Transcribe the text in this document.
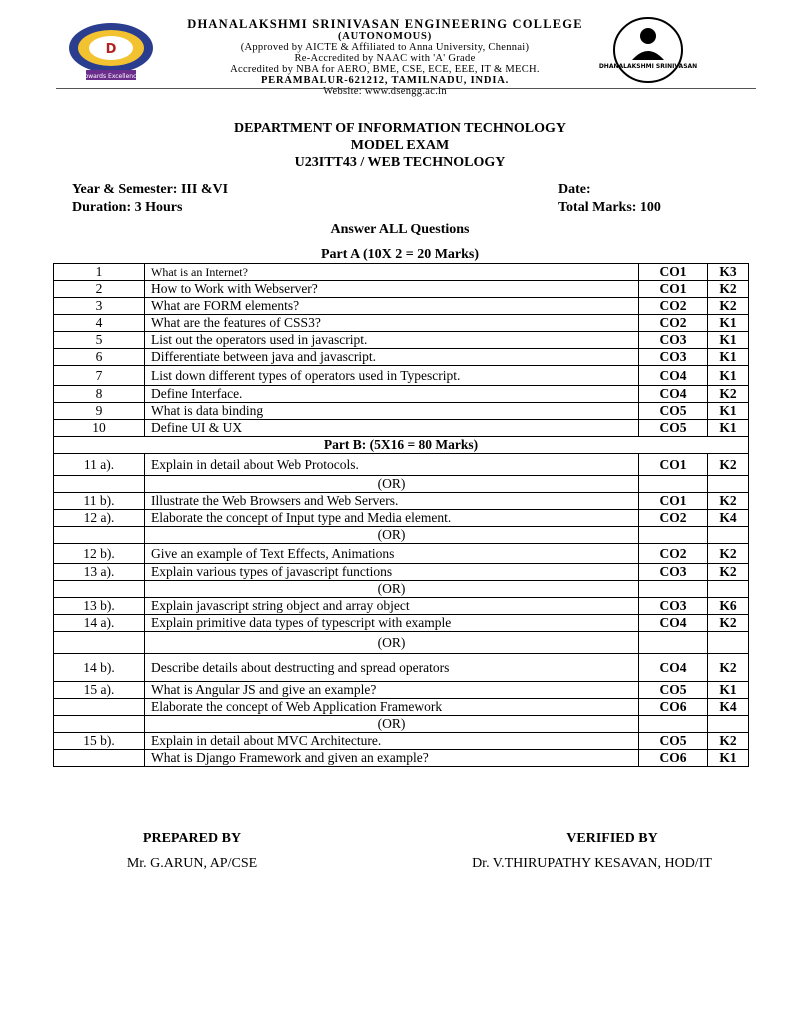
D
Towards Excellence
DHANALAKSHMI SRINIVASAN ENGINEERING COLLEGE
(AUTONOMOUS)
(Approved by AICTE & Affiliated to Anna University, Chennai)
Re-Accredited by NAAC with 'A' Grade
Accredited by NBA for AERO, BME, CSE, ECE, EEE, IT & MECH.
PERAMBALUR-621212, TAMILNADU, INDIA.
Website: www.dsengg.ac.in
DHANALAKSHMI SRINIVASAN
DEPARTMENT OF INFORMATION TECHNOLOGY
MODEL EXAM
U23ITT43 / WEB TECHNOLOGY
Year & Semester: III &VI
Duration: 3 Hours
Date:
Total Marks: 100
Answer ALL Questions
Part A (10X 2 = 20 Marks)
1	What is an Internet?	CO1	K3
2	How to Work with Webserver?	CO1	K2
3	What are FORM elements?	CO2	K2
4	What are the features of CSS3?	CO2	K1
5	List out the operators used in javascript.	CO3	K1
6	Differentiate between java and javascript.	CO3	K1
7	List down different types of operators used in Typescript.	CO4	K1
8	Define Interface.	CO4	K2
9	What is data binding	CO5	K1
10	Define UI & UX	CO5	K1
Part B: (5X16 = 80 Marks)			
11 a).	Explain in detail about Web Protocols.	CO1	K2
	(OR)		
11 b).	Illustrate the Web Browsers and Web Servers.	CO1	K2
12 a).	Elaborate the concept of Input type and Media element.	CO2	K4
	(OR)		
12 b).	Give an example of Text Effects, Animations	CO2	K2
13 a).	Explain various types of javascript functions	CO3	K2
	(OR)		
13 b).	Explain javascript string object and array object	CO3	K6
14 a).	Explain primitive data types of typescript with example	CO4	K2
	(OR)		
14 b).	Describe details about destructing and spread operators	CO4	K2
15 a).	What is Angular JS and give an example?	CO5	K1
	Elaborate the concept of Web Application Framework	CO6	K4
	(OR)		
15 b).	Explain in detail about MVC Architecture.	CO5	K2
	What is Django Framework and given an example?	CO6	K1
PREPARED BY
Mr. G.ARUN, AP/CSE
VERIFIED BY
Dr. V.THIRUPATHY KESAVAN, HOD/IT
